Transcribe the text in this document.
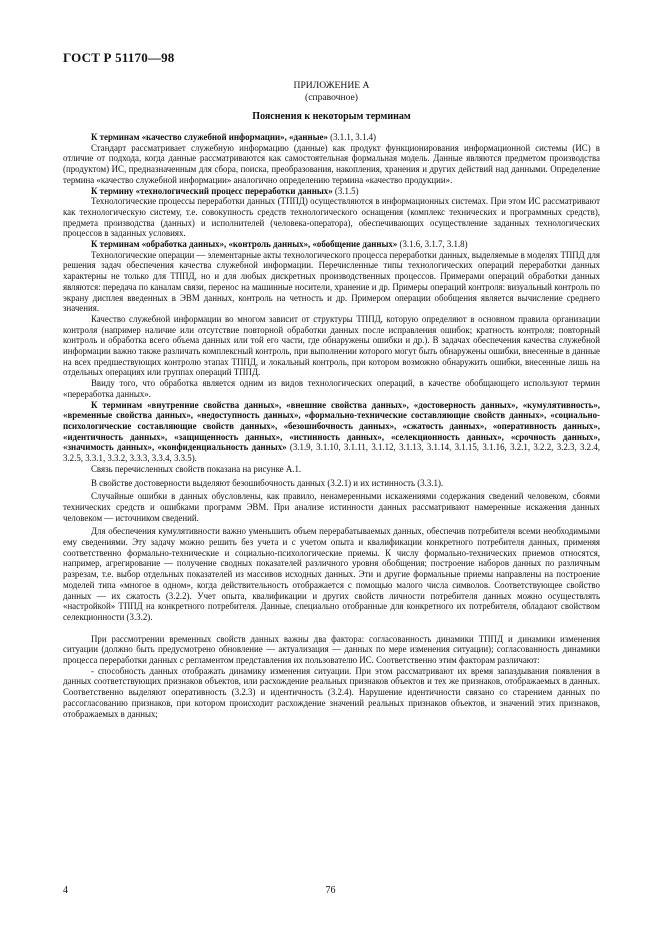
ГОСТ Р 51170—98
ПРИЛОЖЕНИЕ А
(справочное)
Пояснения к некоторым терминам

К терминам «качество служебной информации», «данные» (3.1.1, 3.1.4)

Стандарт рассматривает служебную информацию (данные) как продукт функционирования информационной системы (ИС) в отличие от подхода, когда данные рассматриваются как самостоятельная формальная модель. Данные являются предметом производства (продуктом) ИС, предназначенным для сбора, поиска, преобразования, накопления, хранения и других действий над данными. Определение термина «качество служебной информации» аналогично определению термина «качество продукции».

К термину «технологический процесс переработки данных» (3.1.5)

Технологические процессы переработки данных (ТППД) осуществляются в информационных системах. При этом ИС рассматривают как технологическую систему, т.е. совокупность средств технологического оснащения (комплекс технических и программных средств), предмета производства (данных) и исполнителей (человека-оператора), обеспечивающих осуществление заданных технологических процессов в заданных условиях.

К терминам «обработка данных», «контроль данных», «обобщение данных» (3.1.6, 3.1.7, 3.1.8)

Технологические операции — элементарные акты технологического процесса переработки данных, выделяемые в моделях ТППД для решения задач обеспечения качества служебной информации. Перечисленные типы технологических операций переработки данных характерны не только для ТППД, но и для любых дискретных производственных процессов. Примерами операций обработки данных являются: передача по каналам связи, перенос на машинные носители, хранение и др. Примеры операций контроля: визуальный контроль по экрану дисплея введенных в ЭВМ данных, контроль на четность и др. Примером операции обобщения является вычисление среднего значения.

Качество служебной информации во многом зависит от структуры ТППД, которую определяют в основном правила организации контроля (например наличие или отсутствие повторной обработки данных после исправления ошибок; кратность контроля: повторный контроль и обработка всего объема данных или той его части, где обнаружены ошибки и др.). В задачах обеспечения качества служебной информации важно также различать комплексный контроль, при выполнении которого могут быть обнаружены ошибки, внесенные в данные на всех предшествующих контролю этапах ТППД, и локальный контроль, при котором возможно обнаружить ошибки, внесенные лишь на отдельных операциях или группах операций ТППД.

Ввиду того, что обработка является одним из видов технологических операций, в качестве обобщающего используют термин «переработка данных».

К терминам «внутренние свойства данных», «внешние свойства данных», «достоверность данных», «кумулятивность», «временные свойства данных», «недоступность данных», «формально-технические составляющие свойств данных», «социально-психологические составляющие свойств данных», «безошибочность данных», «сжатость данных», «оперативность данных», «идентичность данных», «защищенность данных», «истинность данных», «селекционность данных», «срочность данных», «значимость данных», «конфиденциальность данных» (3.1.9, 3.1.10, 3.1.11, 3.1.12, 3.1.13, 3.1.14, 3.1.15, 3.1.16, 3.2.1, 3.2.2, 3.2.3, 3.2.4, 3.2.5, 3.3.1, 3.3.2, 3.3.3, 3.3.4, 3.3.5).

Связь перечисленных свойств показана на рисунке А.1.

В свойстве достоверности выделяют безошибочность данных (3.2.1) и их истинность (3.3.1).

Случайные ошибки в данных обусловлены, как правило, ненамеренными искажениями содержания сведений человеком, сбоями технических средств и ошибками программ ЭВМ. При анализе истинности данных рассматривают намеренные искажения данных человеком — источником сведений.

Для обеспечения кумулятивности важно уменьшить объем перерабатываемых данных, обеспечив потребителя всеми необходимыми ему сведениями. Эту задачу можно решить без учета и с учетом опыта и квалификации конкретного потребителя данных, применяя соответственно формально-технические и социально-психологические приемы. К числу формально-технических приемов относятся, например, агрегирование — получение сводных показателей различного уровня обобщения; построение наборов данных по различным разрезам, т.е. выбор отдельных показателей из массивов исходных данных. Эти и другие формальные приемы направлены на построение моделей типа «многое в одном», когда действительность отображается с помощью малого числа символов. Соответствующее свойство данных — их сжатость (3.2.2). Учет опыта, квалификации и других свойств личности потребителя данных можно осуществлять «настройкой» ТППД на конкретного потребителя. Данные, специально отобранные для конкретного их потребителя, обладают свойством селекционности (3.3.2).

При рассмотрении временных свойств данных важны два фактора: согласованность динамики ТППД и динамики изменения ситуации (должно быть предусмотрено обновление — актуализация — данных по мере изменения ситуации); согласованность динамики процесса переработки данных с регламентом представления их пользователю ИС. Соответственно этим факторам различают:

- способность данных отображать динамику изменения ситуации. При этом рассматривают их время запаздывания появления в данных соответствующих признаков объектов, или расхождение реальных признаков объектов и тех же признаков, отображаемых в данных. Соответственно выделяют оперативность (3.2.3) и идентичность (3.2.4). Нарушение идентичности связано со старением данных по рассогласованию признаков, при котором происходит расхождение значений реальных признаков объектов, и значений этих признаков, отображаемых в данных;

4	76
